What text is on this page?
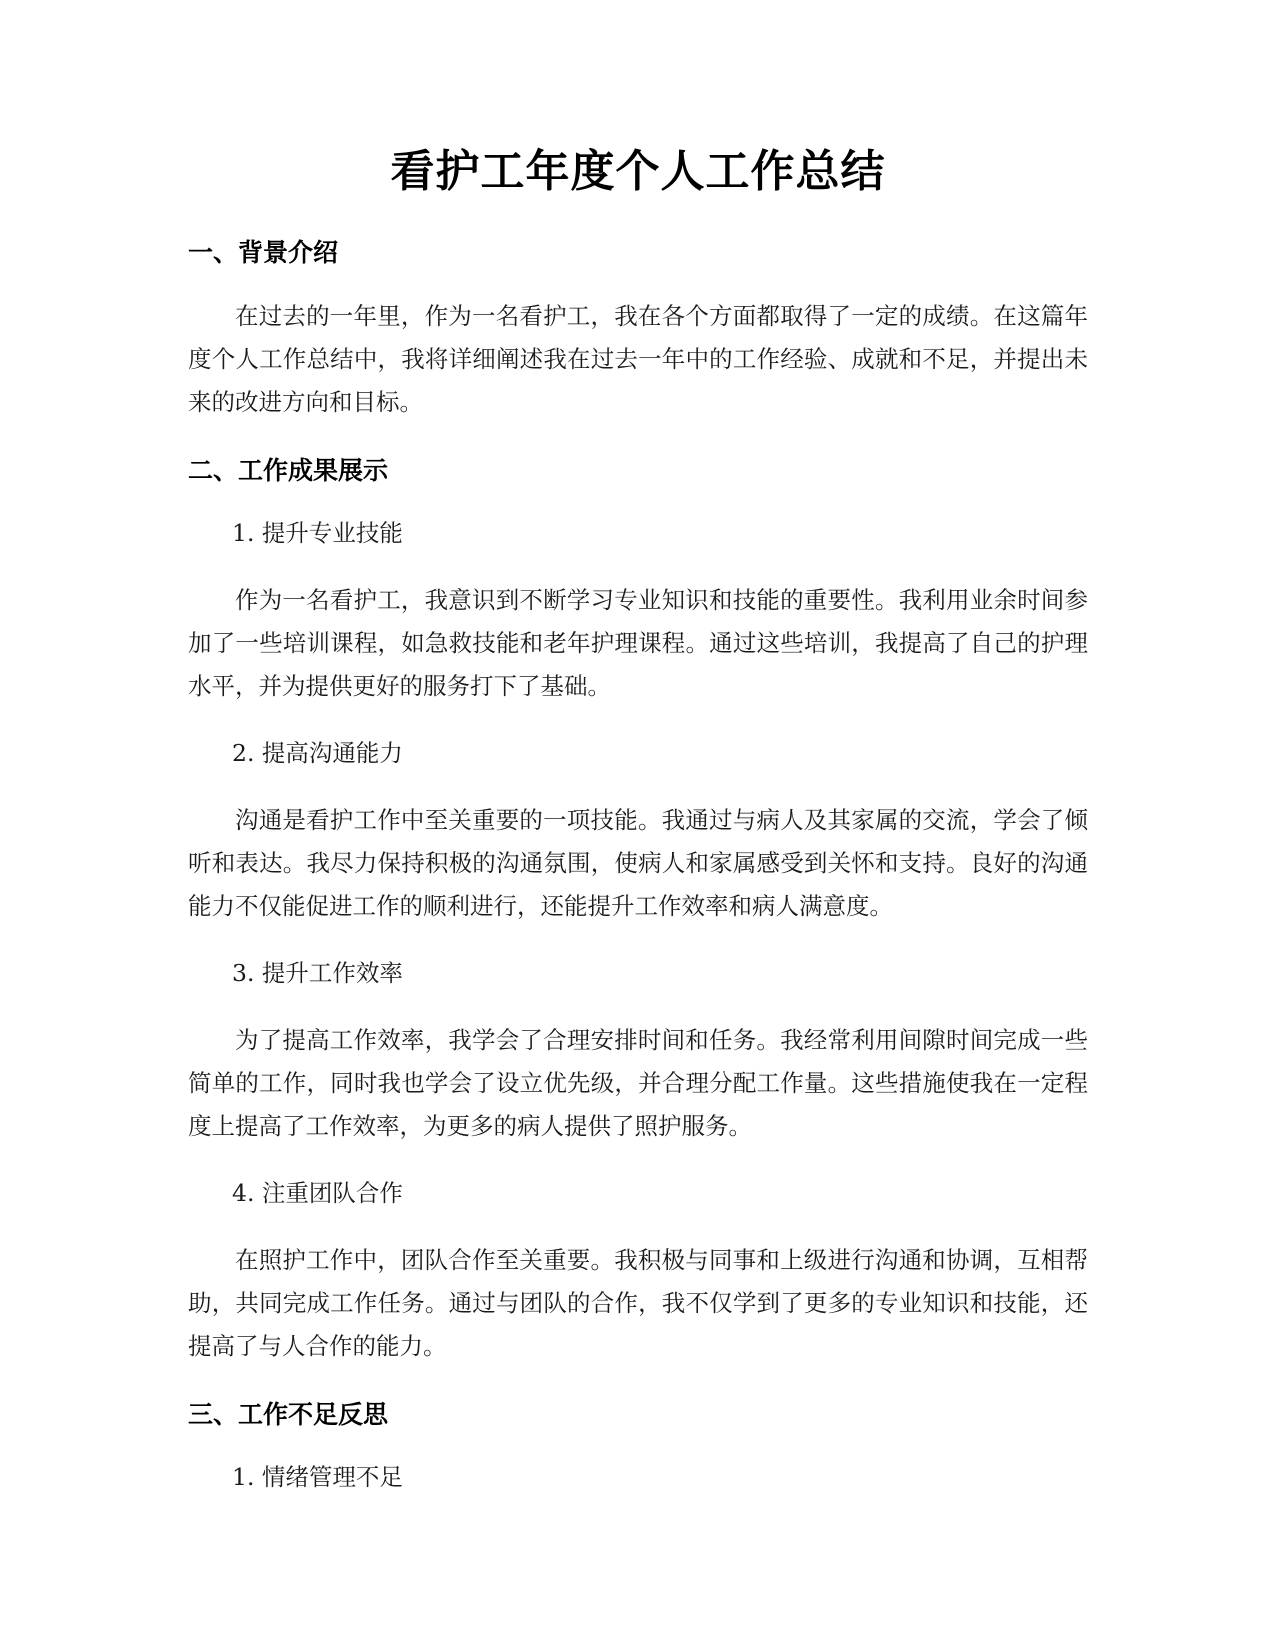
看护工年度个人工作总结
一、背景介绍

在过去的一年里，作为一名看护工，我在各个方面都取得了一定的成绩。在这篇年度个人工作总结中，我将详细阐述我在过去一年中的工作经验、成就和不足，并提出未来的改进方向和目标。

二、工作成果展示

1. 提升专业技能

作为一名看护工，我意识到不断学习专业知识和技能的重要性。我利用业余时间参加了一些培训课程，如急救技能和老年护理课程。通过这些培训，我提高了自己的护理水平，并为提供更好的服务打下了基础。

2. 提高沟通能力

沟通是看护工作中至关重要的一项技能。我通过与病人及其家属的交流，学会了倾听和表达。我尽力保持积极的沟通氛围，使病人和家属感受到关怀和支持。良好的沟通能力不仅能促进工作的顺利进行，还能提升工作效率和病人满意度。

3. 提升工作效率

为了提高工作效率，我学会了合理安排时间和任务。我经常利用间隙时间完成一些简单的工作，同时我也学会了设立优先级，并合理分配工作量。这些措施使我在一定程度上提高了工作效率，为更多的病人提供了照护服务。

4. 注重团队合作

在照护工作中，团队合作至关重要。我积极与同事和上级进行沟通和协调，互相帮助，共同完成工作任务。通过与团队的合作，我不仅学到了更多的专业知识和技能，还提高了与人合作的能力。

三、工作不足反思

1. 情绪管理不足
